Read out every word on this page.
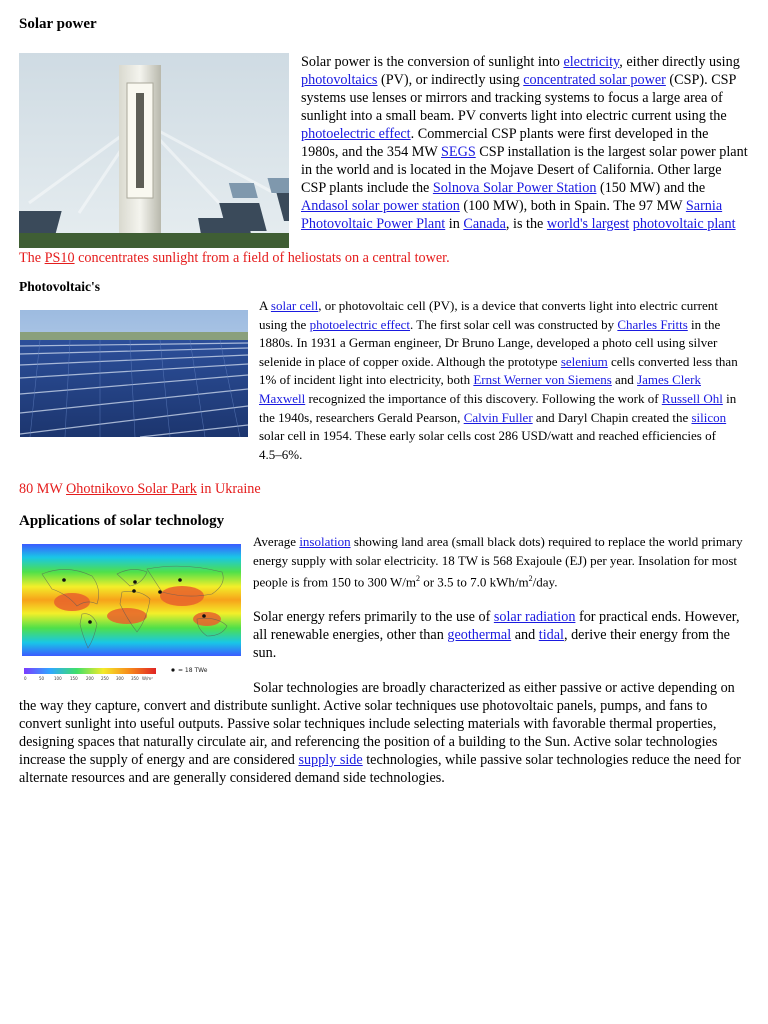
Solar power
Solar power is the conversion of sunlight into electricity, either directly using photovoltaics (PV), or indirectly using concentrated solar power (CSP). CSP systems use lenses or mirrors and tracking systems to focus a large area of sunlight into a small beam. PV converts light into electric current using the photoelectric effect. Commercial CSP plants were first developed in the 1980s, and the 354 MW SEGS CSP installation is the largest solar power plant in the world and is located in the Mojave Desert of California. Other large CSP plants include the Solnova Solar Power Station (150 MW) and the Andasol solar power station (100 MW), both in Spain. The 97 MW Sarnia Photovoltaic Power Plant in Canada, is the world's largest photovoltaic plant
The PS10 concentrates sunlight from a field of heliostats on a central tower.
Photovoltaic's
A solar cell, or photovoltaic cell (PV), is a device that converts light into electric current using the photoelectric effect. The first solar cell was constructed by Charles Fritts in the 1880s. In 1931 a German engineer, Dr Bruno Lange, developed a photo cell using silver selenide in place of copper oxide. Although the prototype selenium cells converted less than 1% of incident light into electricity, both Ernst Werner von Siemens and James Clerk Maxwell recognized the importance of this discovery. Following the work of Russell Ohl in the 1940s, researchers Gerald Pearson, Calvin Fuller and Daryl Chapin created the silicon solar cell in 1954. These early solar cells cost 286 USD/watt and reached efficiencies of 4.5–6%.
80 MW Ohotnikovo Solar Park in Ukraine
Applications of solar technology
0	50 100 150 200 250 300 350 W/m²
= 18 TWe
Average insolation showing land area (small black dots) required to replace the world primary energy supply with solar electricity. 18 TW is 568 Exajoule (EJ) per year. Insolation for most people is from 150 to 300 $W/m^2$ or 3.5 to 7.0 kWh/$m^2$/day.
Solar energy refers primarily to the use of solar radiation for practical ends. However, all renewable energies, other than geothermal and tidal, derive their energy from the sun.
Solar technologies are broadly characterized as either passive or active depending on the way they capture, convert and distribute sunlight. Active solar techniques use photovoltaic panels, pumps, and fans to convert sunlight into useful outputs. Passive solar techniques include selecting materials with favorable thermal properties, designing spaces that naturally circulate air, and referencing the position of a building to the Sun. Active solar technologies increase the supply of energy and are considered supply side technologies, while passive solar technologies reduce the need for alternate resources and are generally considered demand side technologies.
